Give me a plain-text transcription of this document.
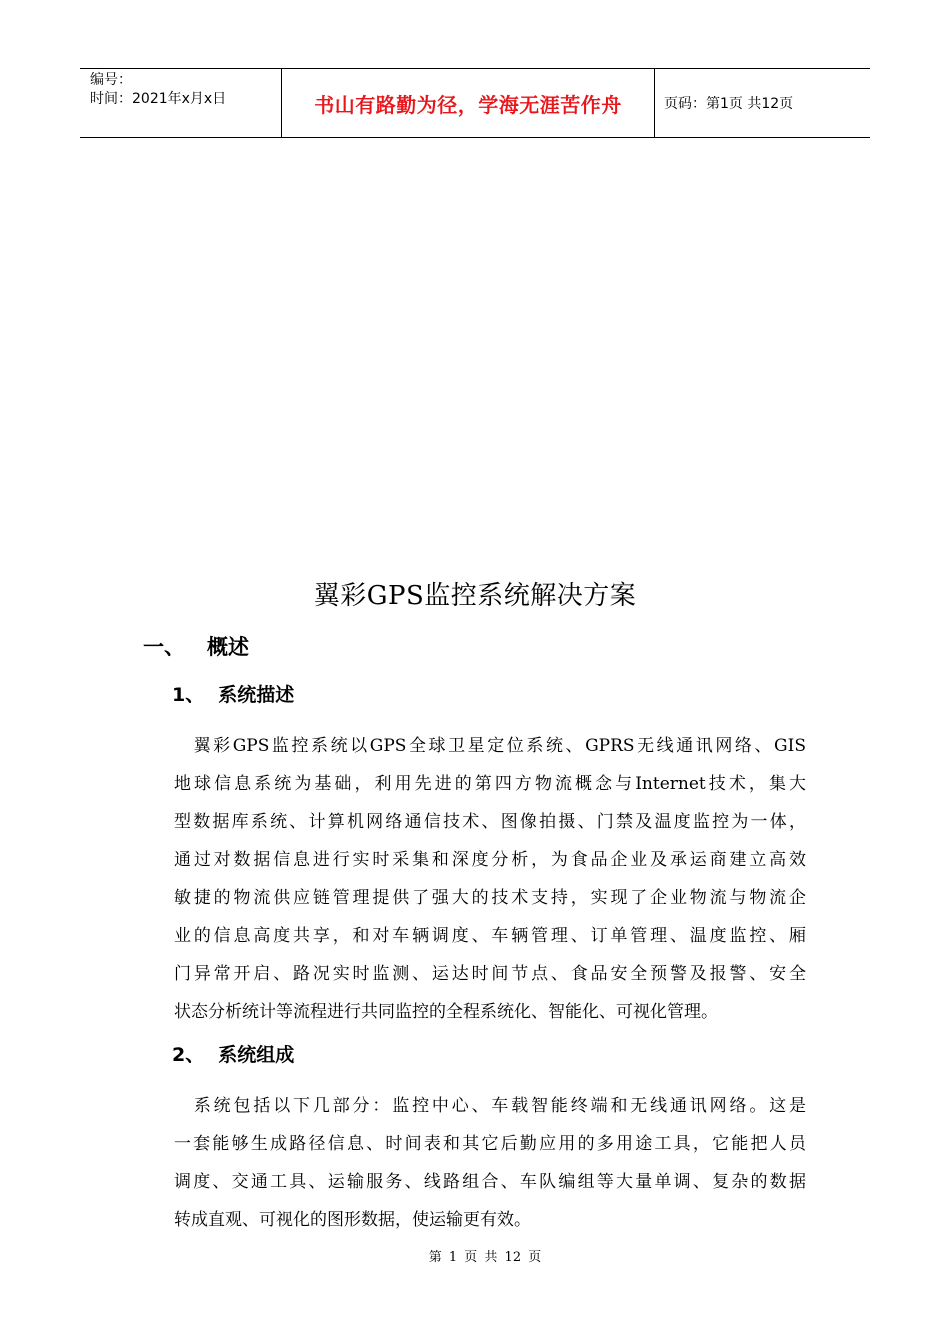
编号：
时间：2021年x月x日	书山有路勤为径，学海无涯苦作舟	页码：第1页 共12页
翼彩GPS监控系统解决方案
一、 概述
1、 系统描述
　翼彩GPS监控系统以GPS全球卫星定位系统、GPRS无线通讯网络、GIS
地球信息系统为基础，利用先进的第四方物流概念与Internet技术，集大
型数据库系统、计算机网络通信技术、图像拍摄、门禁及温度监控为一体，
通过对数据信息进行实时采集和深度分析，为食品企业及承运商建立高效
敏捷的物流供应链管理提供了强大的技术支持，实现了企业物流与物流企
业的信息高度共享，和对车辆调度、车辆管理、订单管理、温度监控、厢
门异常开启、路况实时监测、运达时间节点、食品安全预警及报警、安全
状态分析统计等流程进行共同监控的全程系统化、智能化、可视化管理。
2、 系统组成
　系统包括以下几部分：监控中心、车载智能终端和无线通讯网络。这是
一套能够生成路径信息、时间表和其它后勤应用的多用途工具，它能把人员
调度、交通工具、运输服务、线路组合、车队编组等大量单调、复杂的数据
转成直观、可视化的图形数据，使运输更有效。
第 1 页 共 12 页
